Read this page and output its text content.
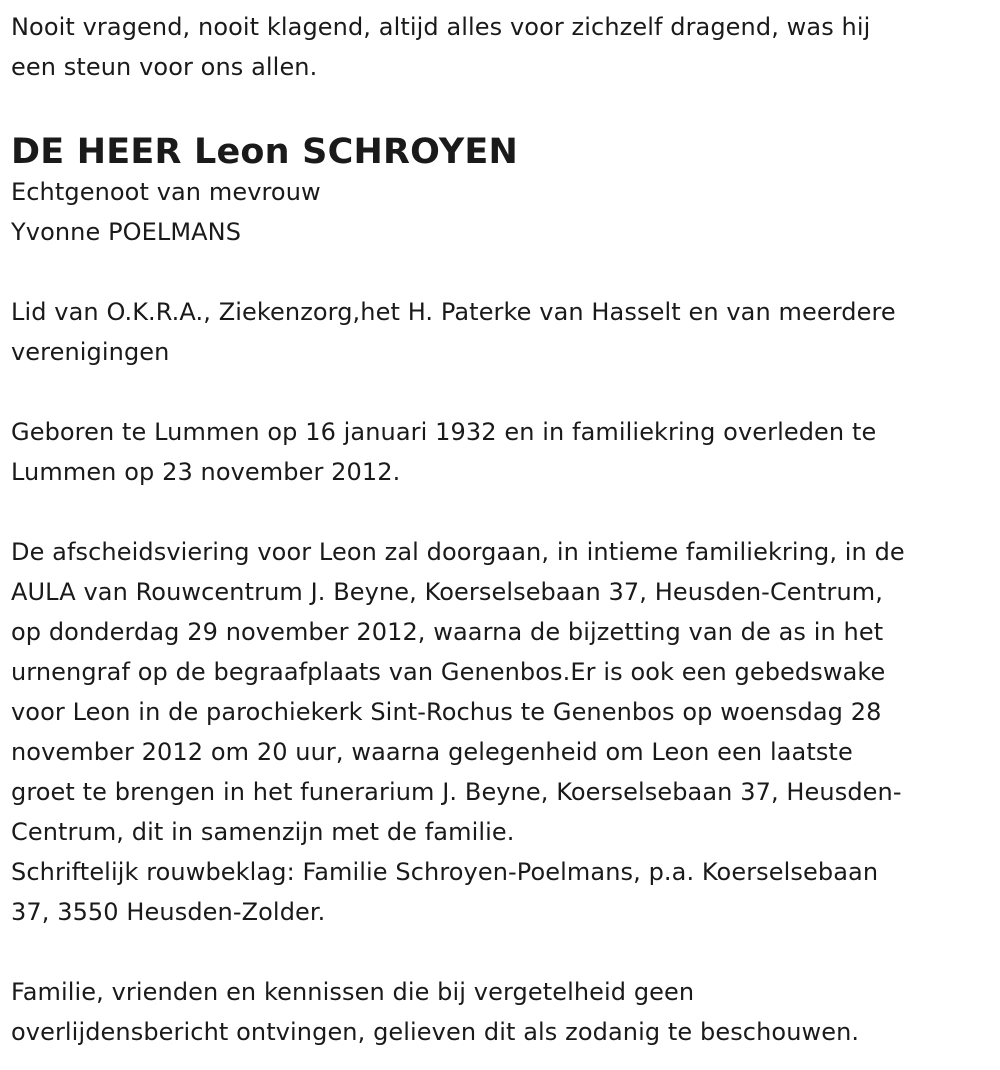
Nooit vragend, nooit klagend, altijd alles voor zichzelf dragend, was hij
een steun voor ons allen.

DE HEER Leon SCHROYEN

Echtgenoot van mevrouw
Yvonne POELMANS

Lid van O.K.R.A., Ziekenzorg,het H. Paterke van Hasselt en van meerdere
verenigingen

Geboren te Lummen op 16 januari 1932 en in familiekring overleden te
Lummen op 23 november 2012.

De afscheidsviering voor Leon zal doorgaan, in intieme familiekring, in de
AULA van Rouwcentrum J. Beyne, Koerselsebaan 37, Heusden-Centrum,
op donderdag 29 november 2012, waarna de bijzetting van de as in het
urnengraf op de begraafplaats van Genenbos.Er is ook een gebedswake
voor Leon in de parochiekerk Sint-Rochus te Genenbos op woensdag 28
november 2012 om 20 uur, waarna gelegenheid om Leon een laatste
groet te brengen in het funerarium J. Beyne, Koerselsebaan 37, Heusden-
Centrum, dit in samenzijn met de familie.
Schriftelijk rouwbeklag: Familie Schroyen-Poelmans, p.a. Koerselsebaan
37, 3550 Heusden-Zolder.

Familie, vrienden en kennissen die bij vergetelheid geen
overlijdensbericht ontvingen, gelieven dit als zodanig te beschouwen.
